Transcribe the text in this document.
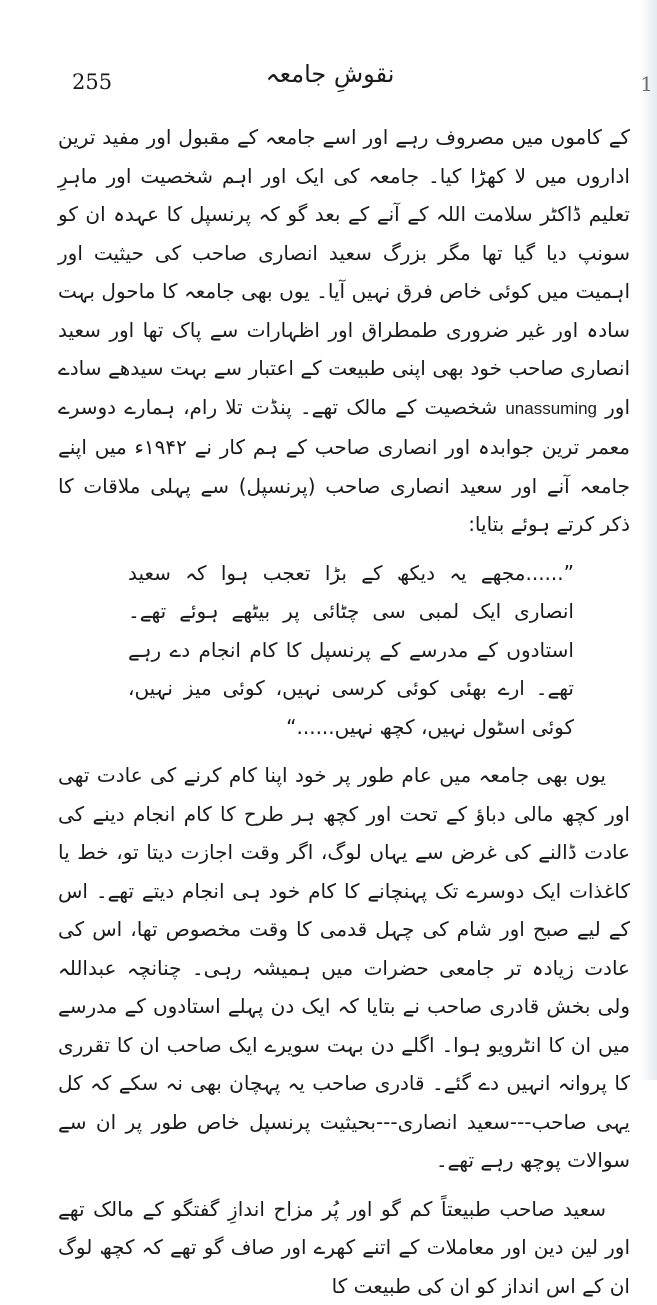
1
255	نقوشِ جامعہ

کے کاموں میں مصروف رہے اور اسے جامعہ کے مقبول اور مفید ترین اداروں میں لا کھڑا کیا۔ جامعہ کی ایک اور اہم شخصیت اور ماہرِ تعلیم ڈاکٹر سلامت اللہ کے آنے کے بعد گو کہ پرنسپل کا عہدہ ان کو سونپ دیا گیا تھا مگر بزرگ سعید انصاری صاحب کی حیثیت اور اہمیت میں کوئی خاص فرق نہیں آیا۔ یوں بھی جامعہ کا ماحول بہت سادہ اور غیر ضروری طمطراق اور اظہارات سے پاک تھا اور سعید انصاری صاحب خود بھی اپنی طبیعت کے اعتبار سے بہت سیدھے سادے اور unassuming شخصیت کے مالک تھے۔ پنڈت تلا رام، ہمارے دوسرے معمر ترین جوابدہ اور انصاری صاحب کے ہم کار نے ۱۹۴۲ء میں اپنے جامعہ آنے اور سعید انصاری صاحب (پرنسپل) سے پہلی ملاقات کا ذکر کرتے ہوئے بتایا:

”......مجھے یہ دیکھ کے بڑا تعجب ہوا کہ سعید انصاری ایک لمبی سی چٹائی پر بیٹھے ہوئے تھے۔ استادوں کے مدرسے کے پرنسپل کا کام انجام دے رہے تھے۔ ارے بھئی کوئی کرسی نہیں، کوئی میز نہیں، کوئی اسٹول نہیں، کچھ نہیں......“

یوں بھی جامعہ میں عام طور پر خود اپنا کام کرنے کی عادت تھی اور کچھ مالی دباؤ کے تحت اور کچھ ہر طرح کا کام انجام دینے کی عادت ڈالنے کی غرض سے یہاں لوگ، اگر وقت اجازت دیتا تو، خط یا کاغذات ایک دوسرے تک پہنچانے کا کام خود ہی انجام دیتے تھے۔ اس کے لیے صبح اور شام کی چہل قدمی کا وقت مخصوص تھا، اس کی عادت زیادہ تر جامعی حضرات میں ہمیشہ رہی۔ چنانچہ عبداللہ ولی بخش قادری صاحب نے بتایا کہ ایک دن پہلے استادوں کے مدرسے میں ان کا انٹرویو ہوا۔ اگلے دن بہت سویرے ایک صاحب ان کا تقرری کا پروانہ انہیں دے گئے۔ قادری صاحب یہ پہچان بھی نہ سکے کہ کل یہی صاحب---سعید انصاری---بحیثیت پرنسپل خاص طور پر ان سے سوالات پوچھ رہے تھے۔

سعید صاحب طبیعتاً کم گو اور پُر مزاح اندازِ گفتگو کے مالک تھے اور لین دین اور معاملات کے اتنے کھرے اور صاف گو تھے کہ کچھ لوگ ان کے اس انداز کو ان کی طبیعت کا
